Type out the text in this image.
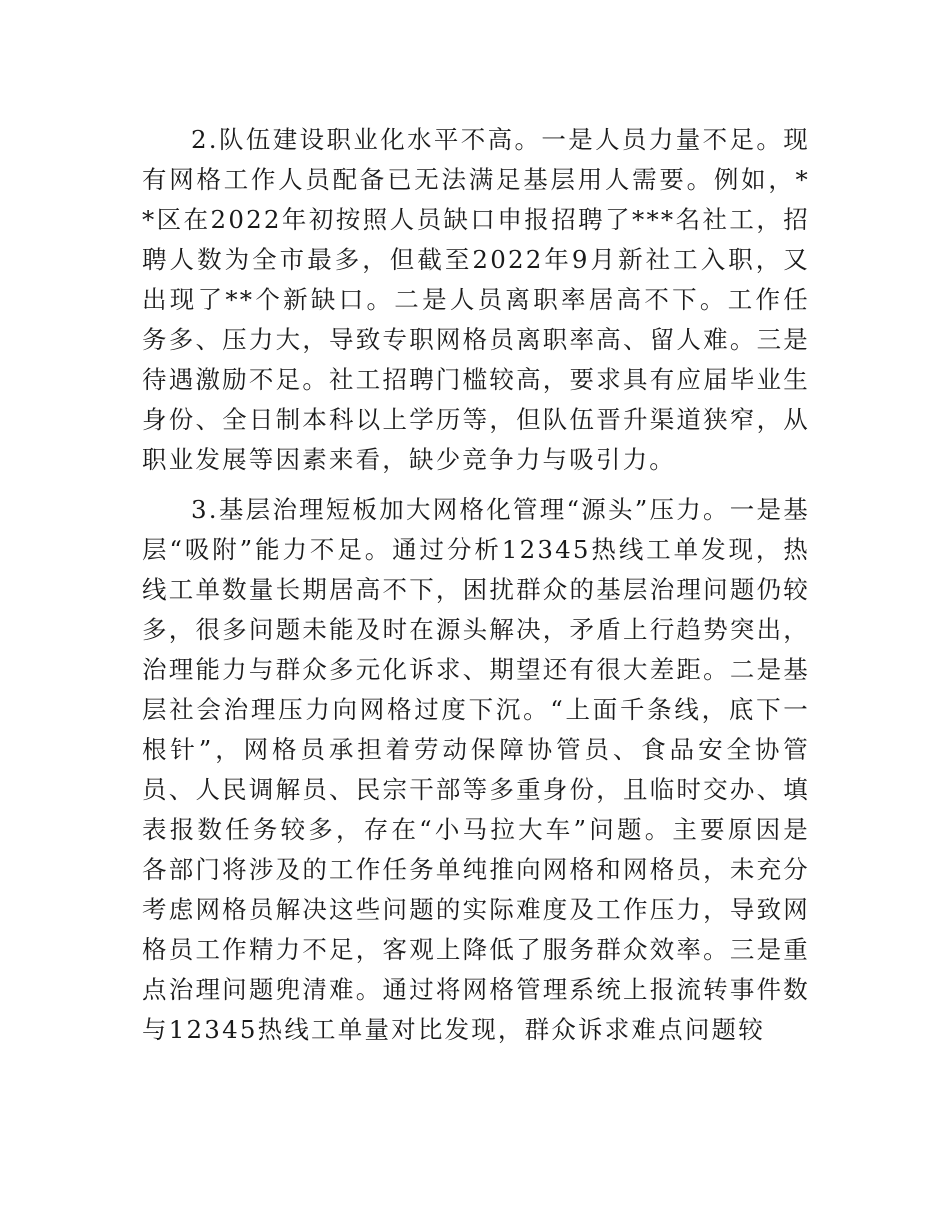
2.队伍建设职业化水平不高。一是人员力量不足。现有网格工作人员配备已无法满足基层用人需要。例如，**区在2022年初按照人员缺口申报招聘了***名社工，招聘人数为全市最多，但截至2022年9月新社工入职，又出现了**个新缺口。二是人员离职率居高不下。工作任务多、压力大，导致专职网格员离职率高、留人难。三是待遇激励不足。社工招聘门槛较高，要求具有应届毕业生身份、全日制本科以上学历等，但队伍晋升渠道狭窄，从职业发展等因素来看，缺少竞争力与吸引力。

3.基层治理短板加大网格化管理“源头”压力。一是基层“吸附”能力不足。通过分析12345热线工单发现，热线工单数量长期居高不下，困扰群众的基层治理问题仍较多，很多问题未能及时在源头解决，矛盾上行趋势突出，治理能力与群众多元化诉求、期望还有很大差距。二是基层社会治理压力向网格过度下沉。“上面千条线，底下一根针”，网格员承担着劳动保障协管员、食品安全协管员、人民调解员、民宗干部等多重身份，且临时交办、填表报数任务较多，存在“小马拉大车”问题。主要原因是各部门将涉及的工作任务单纯推向网格和网格员，未充分考虑网格员解决这些问题的实际难度及工作压力，导致网格员工作精力不足，客观上降低了服务群众效率。三是重点治理问题兜清难。通过将网格管理系统上报流转事件数与12345热线工单量对比发现，群众诉求难点问题较
